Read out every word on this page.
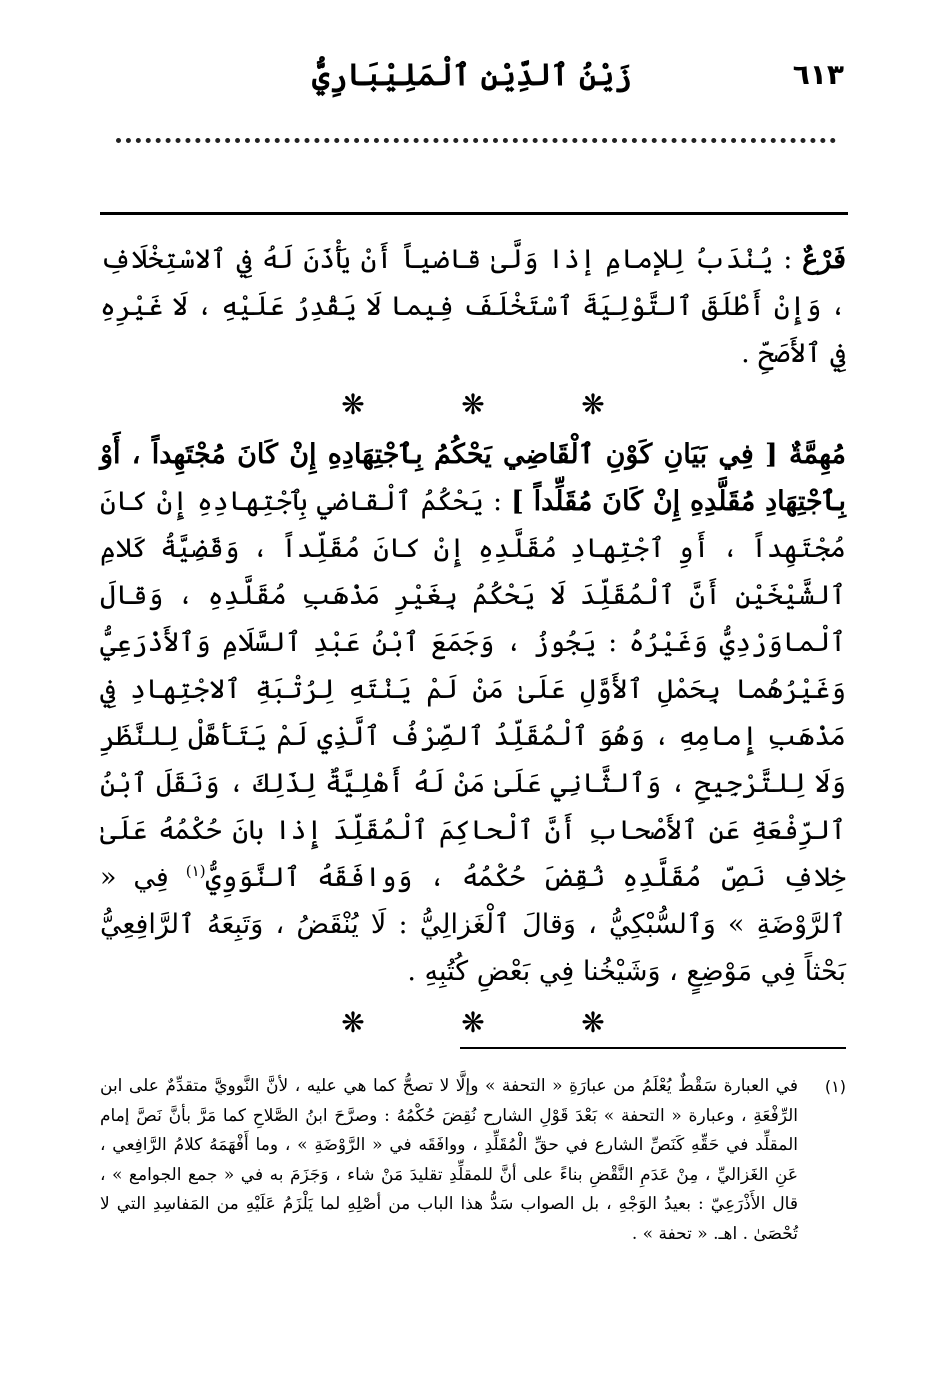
٦١٣
زَيْنُ ٱلدِّيْنِ ٱلْمَلِيْبَارِيُّ

فَرْعٌ : يُنْدَبُ لِلإمامِ إذا وَلَّىٰ قاضياً أَنْ يَأْذَنَ لَهُ فِي ٱلاسْتِخْلَافِ ، وَإِنْ أَطْلَقَ ٱلتَّوْلِيَةَ ٱسْتَخْلَفَ فِيما لَا يَقْدِرُ عَلَيْهِ ، لَا غَيْرِهِ فِي ٱلأَصَحِّ .

❋❋❋

مُهِمَّةٌ [ فِي بَيَانِ كَوْنِ ٱلْقَاضِي يَحْكُمُ بِٱجْتِهَادِهِ إِنْ كَانَ مُجْتَهِداً ، أَوْ بِٱجْتِهَادِ مُقَلَّدِهِ إِنْ كَانَ مُقَلِّداً ] : يَحْكُمُ ٱلْقاضي بِٱجْتِهادِهِ إِنْ كانَ مُجْتَهِداً ، أَوِ ٱجْتِهادِ مُقَلَّدِهِ إِنْ كانَ مُقَلِّداً ، وَقَضِيَّةُ كَلامِ ٱلشَّيْخَيْنِ أَنَّ ٱلْمُقَلِّدَ لَا يَحْكُمُ بِغَيْرِ مَذْهَبِ مُقَلَّدِهِ ، وَقالَ ٱلْماوَرْدِيُّ وَغَيْرُهُ : يَجُوزُ ، وَجَمَعَ ٱبْنُ عَبْدِ ٱلسَّلَامِ وَٱلأَذْرَعِيُّ وَغَيْرُهُما بِحَمْلِ ٱلأَوَّلِ عَلَىٰ مَنْ لَمْ يَنْتَهِ لِرُتْبَةِ ٱلاجْتِهادِ فِي مَذْهَبِ إِمامِهِ ، وَهُوَ ٱلْمُقَلِّدُ ٱلصِّرْفُ ٱلَّذِي لَمْ يَتَأَهَّلْ لِلنَّظَرِ وَلَا لِلتَّرْجِيحِ ، وَٱلثَّانِي عَلَىٰ مَنْ لَهُ أَهْلِيَّةٌ لِذَلِكَ ، وَنَقَلَ ٱبْنُ ٱلرِّفْعَةِ عَنِ ٱلأَصْحابِ أَنَّ ٱلْحاكِمَ ٱلْمُقَلِّدَ إِذا بانَ حُكْمُهُ عَلَىٰ خِلافِ نَصِّ مُقَلَّدِهِ نُقِضَ حُكْمُهُ ، وَوافَقَهُ ٱلنَّوَوِيُّ$^{(١)}$ فِي « ٱلرَّوْضَةِ » وَٱلسُّبْكِيُّ ، وَقالَ ٱلْغَزالِيُّ : لَا يُنْقَضُ ، وَتَبِعَهُ ٱلرَّافِعِيُّ بَحْثاً فِي مَوْضِعٍ ، وَشَيْخُنا فِي بَعْضِ كُتُبِهِ .

❋❋❋
(١)
في العبارة سَقْطٌ يُعْلَمُ من عبارَةِ « التحفة » وإلَّا لا تصحُّ كما هي عليه ، لأنَّ النَّوويَّ متقدِّمٌ على ابن الرِّفْعَةِ ، وعبارة « التحفة » بَعْدَ قَوْلِ الشارح نُقِضَ حُكْمُهُ : وصرَّحَ ابنُ الصَّلاحِ كما مَرَّ بأنَّ نَصَّ إمام المقلِّد في حَقِّهِ كَنَصِّ الشارع في حقِّ الْمُقَلِّدِ ، ووافَقَه في « الرَّوْضَةِ » ، وما أَفْهَمَهُ كلامُ الرَّافِعي ، عَنِ الغَزاليِّ ، مِنْ عَدَمِ النَّقْضِ بناءً على أنَّ للمقلِّدِ تقليدَ مَنْ شاء ، وَجَزَمَ به في « جمع الجوامع » ، قال الأَذْرَعِيّ : بعيدُ الوَجْهِ ، بل الصواب سَدُّ هذا الباب من أصْلِهِ لما يَلْزَمُ عَلَيْهِ من المَفاسِدِ التي لا تُحْصَىٰ . اهـ. « تحفة » .
